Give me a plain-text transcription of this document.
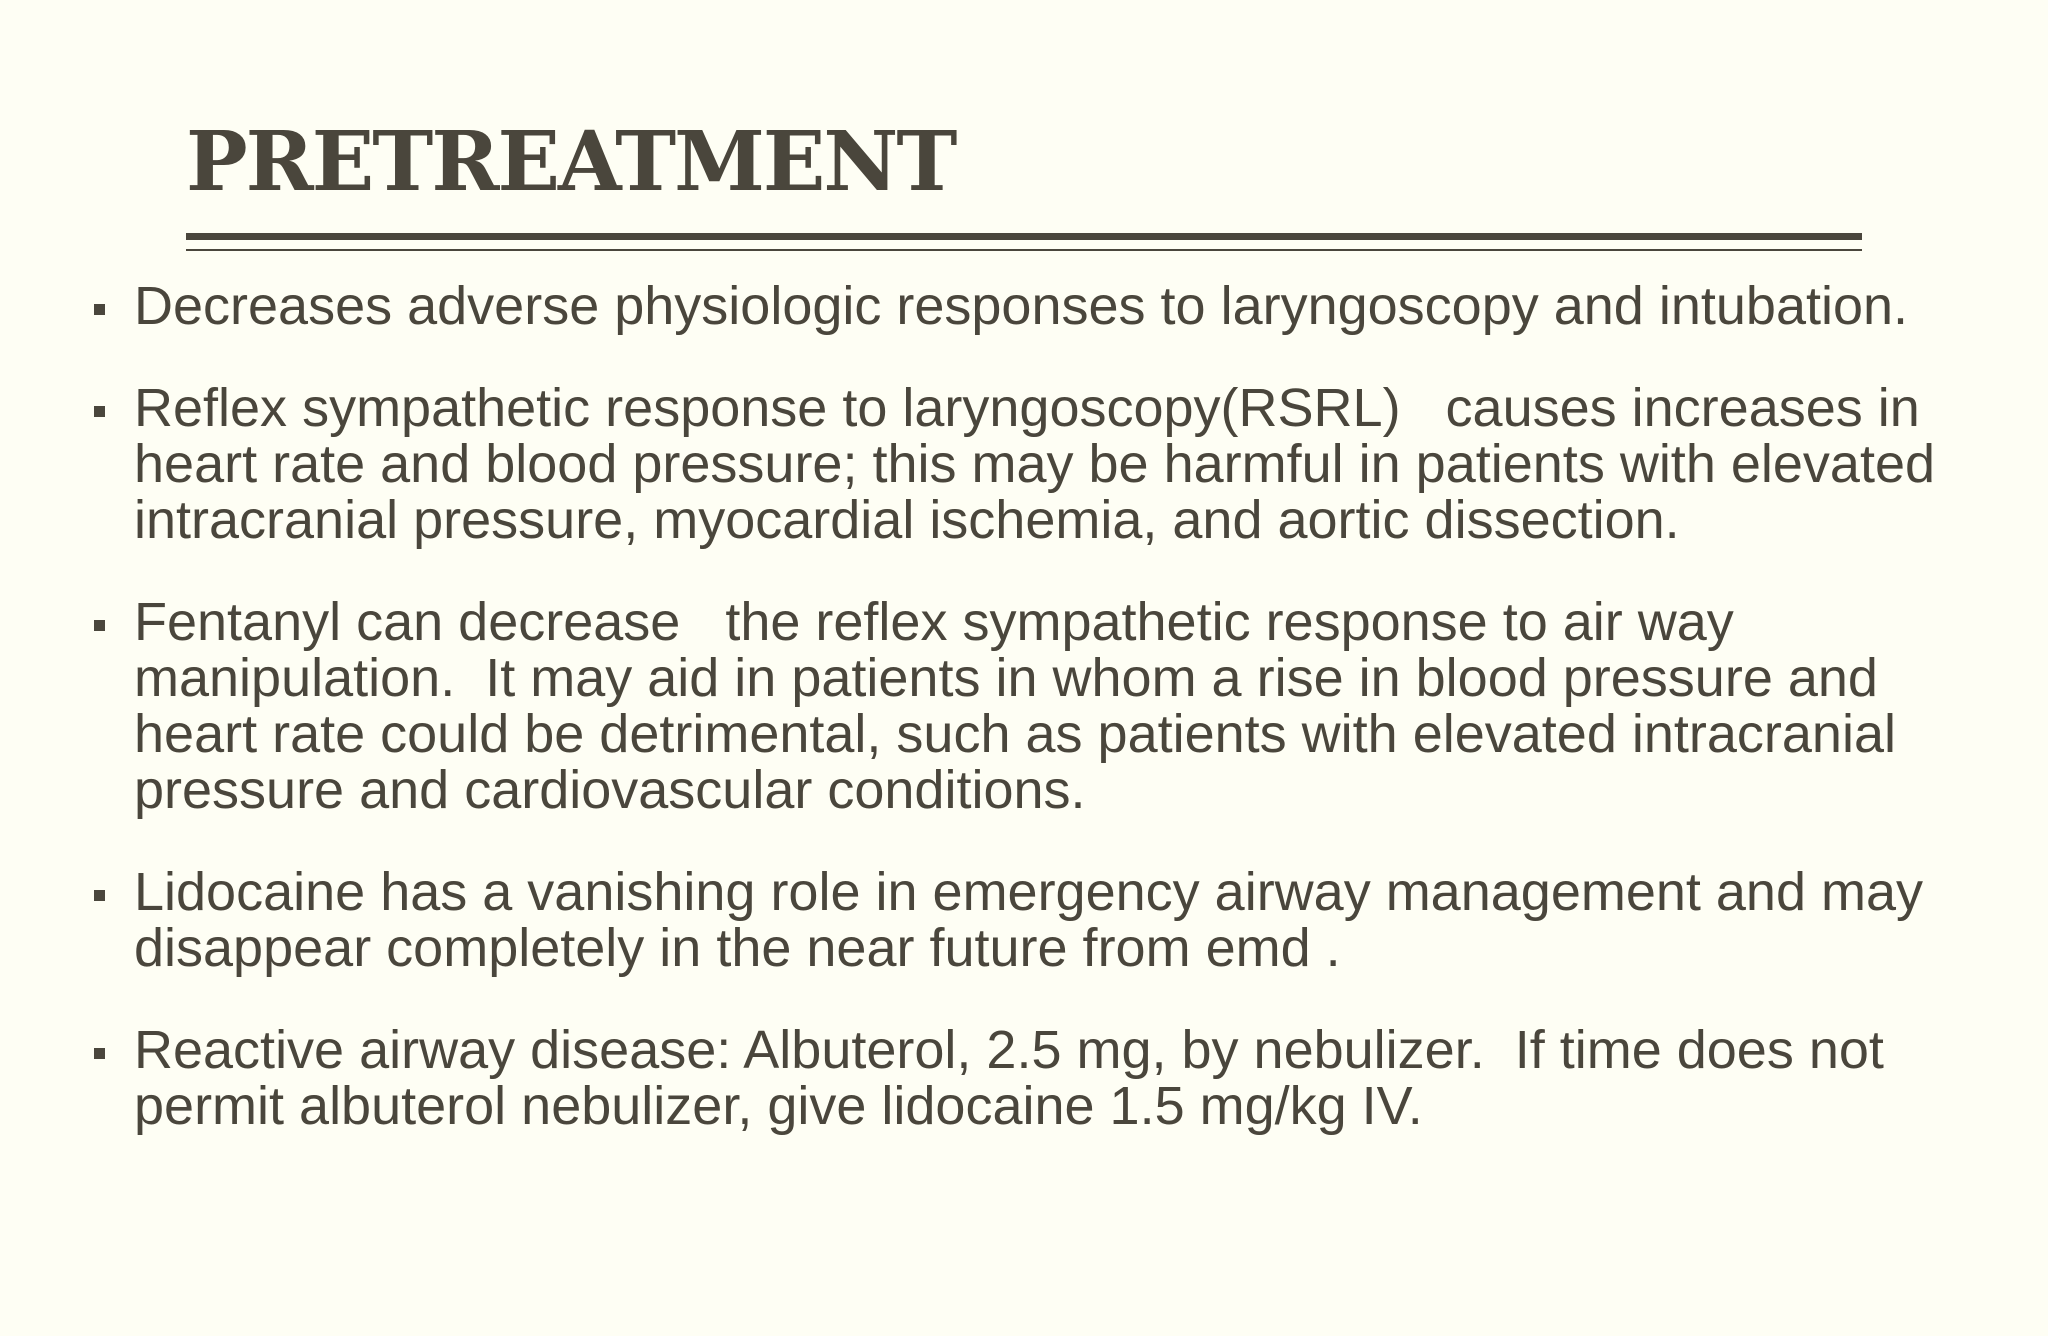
PRETREATMENT
Decreases adverse physiologic responses to laryngoscopy and intubation.
Reflex sympathetic response to laryngoscopy(RSRL)   causes increases in heart rate and blood pressure; this may be harmful in patients with elevated intracranial pressure, myocardial ischemia, and aortic dissection.
Fentanyl can decrease   the reflex sympathetic response to air way manipulation.  It may aid in patients in whom a rise in blood pressure and heart rate could be detrimental, such as patients with elevated intracranial pressure and cardiovascular conditions.
Lidocaine has a vanishing role in emergency airway management and may disappear completely in the near future from emd .
Reactive airway disease: Albuterol, 2.5 mg, by nebulizer.  If time does not permit albuterol nebulizer, give lidocaine 1.5 mg/kg IV.
